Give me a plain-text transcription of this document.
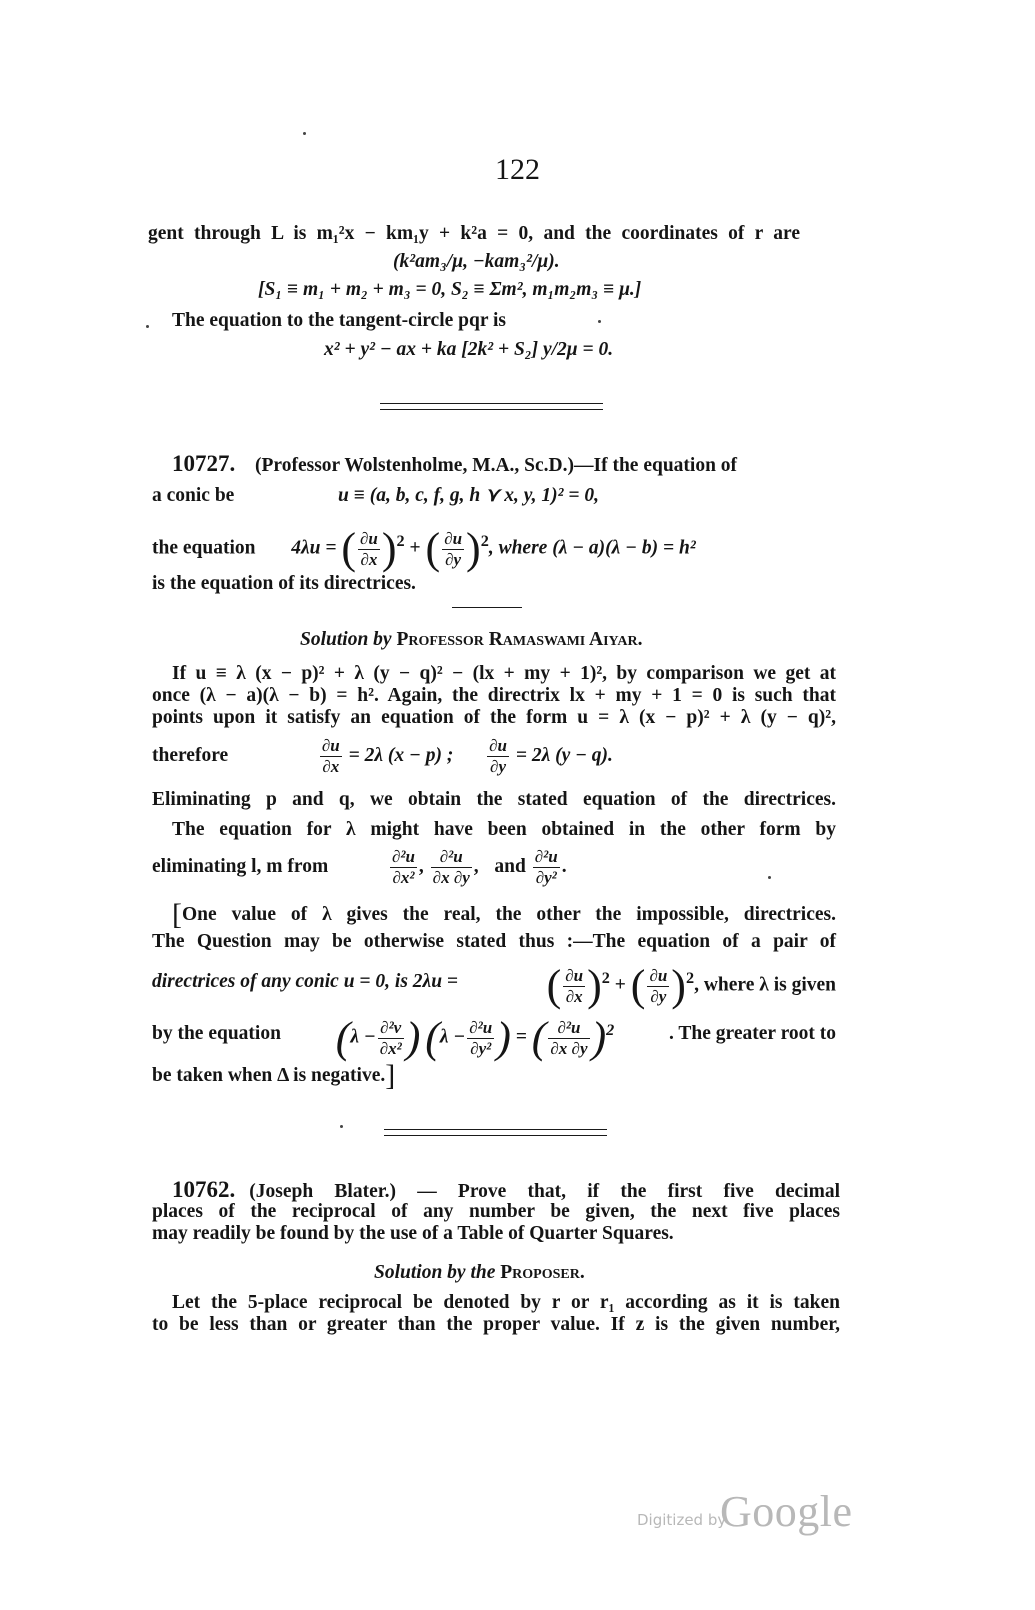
122
gent through L is m₁²x − km₁y + k²a = 0, and the coordinates of r are
(k²am₃/μ, −kam₃²/μ).
[S₁ ≡ m₁ + m₂ + m₃ = 0, S₂ ≡ Σm², m₁m₂m₃ ≡ μ.]
The equation to the tangent-circle pqr is
x² + y² − ax + ka [2k² + S₂] y/2μ = 0.
10727. (Professor Wolstenholme, M.A., Sc.D.)—If the equation of
a conic be	u ≡ (a, b, c, f, g, h ⋎ x, y, 1)² = 0,
the equation 4λu = ( $\frac{\partial u}{\partial x} )^2$ + ( $\frac{\partial u}{\partial y} )^2$, where (λ − a)(λ − b) = h²
is the equation of its directrices.
Solution by Professor Ramaswami Aiyar.
If u ≡ λ (x − p)² + λ (y − q)² − (lx + my + 1)², by comparison we get at
once (λ − a)(λ − b) = h². Again, the directrix lx + my + 1 = 0 is such that
points upon it satisfy an equation of the form u = λ (x − p)² + λ (y − q)²,
therefore	$\frac{\partial u}{\partial x} = 2\lambda$ (x − p) ; $\frac{\partial u}{\partial y} = 2\lambda$ (y − q).
Eliminating p and q, we obtain the stated equation of the directrices.
The equation for λ might have been obtained in the other form by
eliminating l, m from	$\frac{\text{∂²u}}{\text{∂x²}}$ , $\frac{\text{∂²u}}{\partial x \partial y}$ ,  and $\frac{\text{∂²u}}{\text{∂y²}}$ .
[ One value of λ gives the real, the other the impossible, directrices.
The Question may be otherwise stated thus :—The equation of a pair of
directrices of any conic u = 0, is 2λu = ( $\frac{\partial u}{\partial x} )^2$ + ( $\frac{\partial u}{\partial y} )^2$, where λ is given
by the equation ($\lambda - \frac{\text{∂²v}}{\text{∂x²}}$ ) ($\lambda - \frac{\text{∂²u}}{\text{∂y²}}$ ) = ( $\frac{\text{∂²u}}{\partial x \partial y} )^2$	. The greater root to
be taken when Δ is negative.]
10762. (Joseph Blater.) — Prove that, if the first five decimal
places of the reciprocal of any number be given, the next five places
may readily be found by the use of a Table of Quarter Squares.
Solution by the Proposer.
Let the 5-place reciprocal be denoted by r or r₁ according as it is taken
to be less than or greater than the proper value. If z is the given number,
Digitized by
Google
